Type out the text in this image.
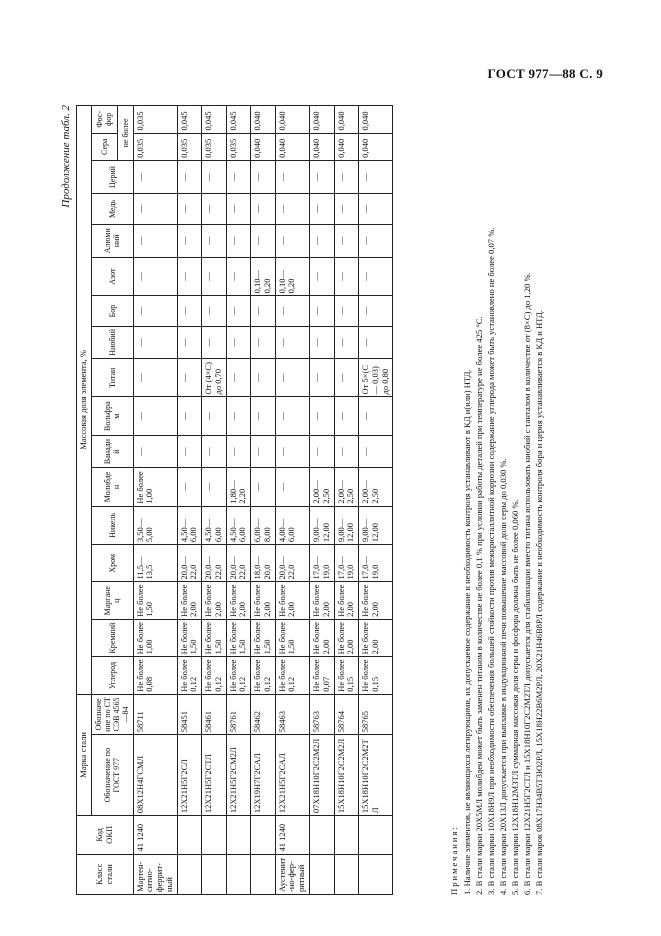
ГОСТ 977—88 С. 9
Продолжение табл. 2
Класс стали	Код ОКП	Марка стали		Массовая доля элемента, %																
		Обозначение по ГОСТ 977	Обозначение по СТ СЭВ 4565—84	Углерод	Кремний	Марганец	Хром	Никель	Молибден	Ванадий	Вольфрам	Титан	Ниобий	Бор	Азот	Алюминий	Медь	Церий	Сера	Фос-фор
																			не более	
Мартен-ситно-феррит-ный	41 1240	08Х12Н4ГСМЛ	58711	Не более 0,08	Не более 1,00	Не более 1,50	11,5—13,5	3,50—5,00	Не более 1,00	—	—	—	—	—	—	—	—	—	0,035	0,035
		12Х21Н5Г2СЛ	58451	Не более 0,12	Не более 1,50	Не более 2,00	20,0—22,0	4,50—6,00	—	—	—	—	—	—	—	—	—	—	0,035	0,045
		12Х21Н5Г2СТЛ	58461	Не более 0,12	Не более 1,50	Не более 2,00	20,0—22,0	4,50—6,00	—	—	—	От (4×С) до 0,70	—	—	—	—	—	—	0,035	0,045
		12Х21Н5Г2СМ2Л	58761	Не более 0,12	Не более 1,50	Не более 2,00	20,0—22,0	4,50—6,00	1,80—2,20	—	—	—	—	—	—	—	—	—	0,035	0,045
		12Х19Н7Г2САЛ	58462	Не более 0,12	Не более 1,50	Не более 2,00	18,0—20,0	6,00—8,00	—	—	—	—	—	—	0,10—0,20	—	—	—	0,040	0,040
Аустенит-но-фер-ритный	41 1240	12Х21Н5Г2САЛ	58463	Не более 0,12	Не более 1,50	Не более 2,00	20,0—22,0	4,00—6,00	—	—	—	—	—	—	0,10—0,20	—	—	—	0,040	0,040
		07Х18Н10Г2С2М2Л	58763	Не более 0,07	Не более 2,00	Не более 2,00	17,0—19,0	9,00—12,00	2,00—2,50	—	—	—	—	—	—	—	—	—	0,040	0,040
		15Х18Н10Г2С2М2Л	58764	Не более 0,15	Не более 2,00	Не более 2,00	17,0—19,0	9,00—12,00	2,00—2,50	—	—	—	—	—	—	—	—	—	0,040	0,040
		15Х18Н10Г2С2М2ТЛ	58765	Не более 0,15	Не более 2,00	Не более 2,00	17,0—19,0	9,00—12,00	2,00—2,50	—	—	От 5×(С — 0,03) до 0,80	—	—	—	—	—	—	0,040	0,040
Примечания: 1. Наличие элементов, не являющихся легирующими, их допускаемое содержание и необходимость контроля устанавливают в КД и(или) НТД. 2. В стали марки 20Х5МЛ молибден может быть заменен титаном в количестве не более 0,1 % при условии работы деталей при температуре не более 425 °С. 3. В стали марки 10Х18Н9Л при необходимости обеспечения большей стойкости против межкристаллитной коррозии содержание углерода может быть установлено не более 0,07 %. 4. В стали марки 20Х13Л допускается при выплавке в индукционной печи повышение массовой доли серы до 0,030 %. 5. В стали марки 12Х18Н12М3ТЛ суммарная массовая доля серы и фосфора должна быть не более 0,060 %. 6. В стали марки 12Х21Н5Г2СТЛ и 15Х18Н10Г2С2М2ТЛ допускается для стабилизации вместо титана использовать ниобий с танталом в количестве от (8×С) до 1,20 %. 7. В стали марок 08Х17Н34В5Т3Ю2РЛ, 15Х18Н22В6М2РЛ, 20Х21Н46В8РЛ содержание и необходимость контроля бора и церия устанавливается в КД и НТД.
